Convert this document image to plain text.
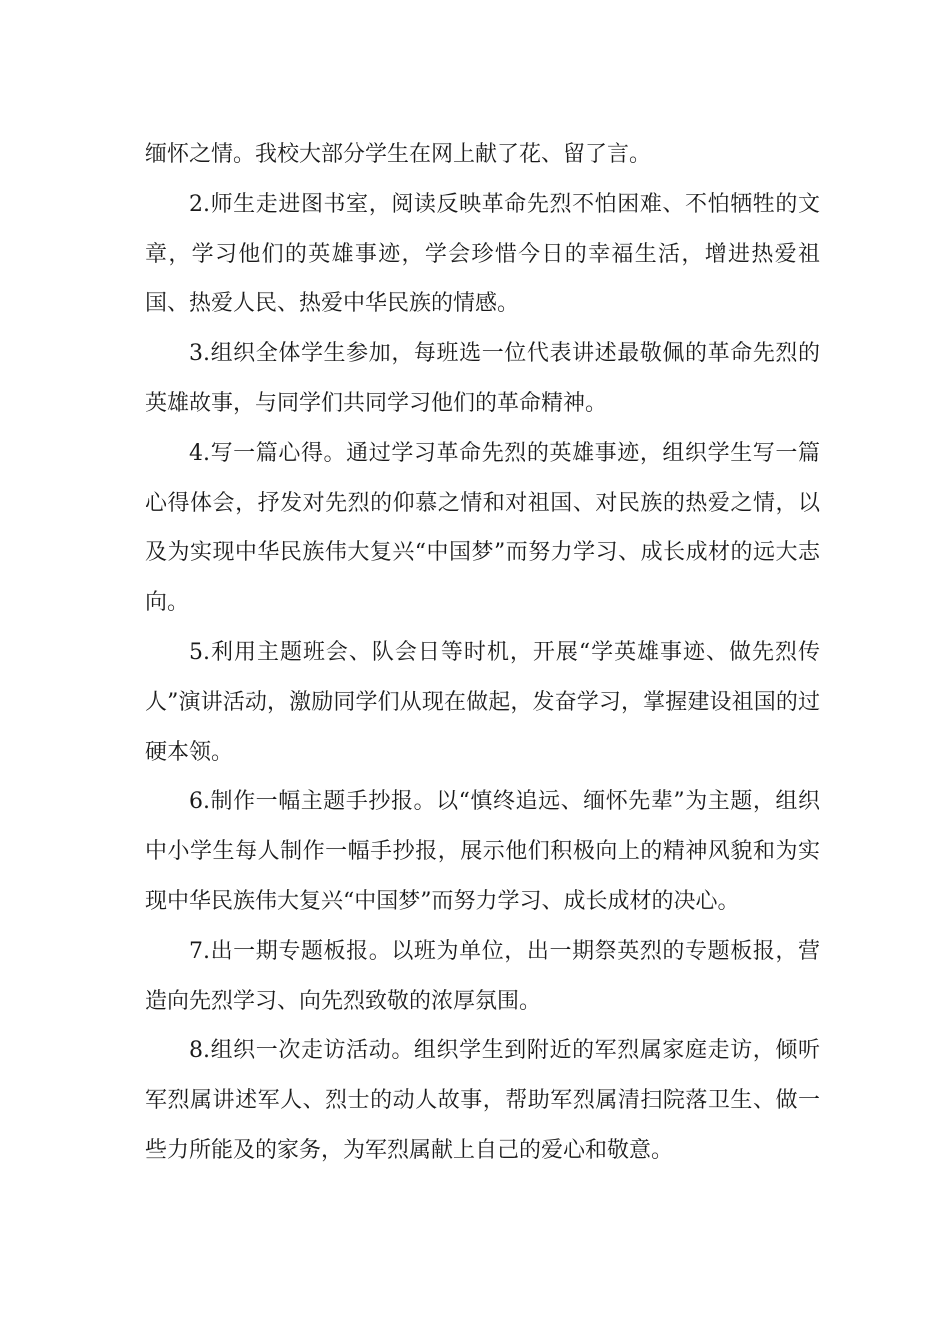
缅怀之情。我校大部分学生在网上献了花、留了言。

2.师生走进图书室，阅读反映革命先烈不怕困难、不怕牺牲的文章，学习他们的英雄事迹，学会珍惜今日的幸福生活，增进热爱祖国、热爱人民、热爱中华民族的情感。

3.组织全体学生参加，每班选一位代表讲述最敬佩的革命先烈的英雄故事，与同学们共同学习他们的革命精神。

4.写一篇心得。通过学习革命先烈的英雄事迹，组织学生写一篇心得体会，抒发对先烈的仰慕之情和对祖国、对民族的热爱之情，以及为实现中华民族伟大复兴“中国梦”而努力学习、成长成材的远大志向。

5.利用主题班会、队会日等时机，开展“学英雄事迹、做先烈传人”演讲活动，激励同学们从现在做起，发奋学习，掌握建设祖国的过硬本领。

6.制作一幅主题手抄报。以“慎终追远、缅怀先辈”为主题，组织中小学生每人制作一幅手抄报，展示他们积极向上的精神风貌和为实现中华民族伟大复兴“中国梦”而努力学习、成长成材的决心。

7.出一期专题板报。以班为单位，出一期祭英烈的专题板报，营造向先烈学习、向先烈致敬的浓厚氛围。

8.组织一次走访活动。组织学生到附近的军烈属家庭走访，倾听军烈属讲述军人、烈士的动人故事，帮助军烈属清扫院落卫生、做一些力所能及的家务，为军烈属献上自己的爱心和敬意。
